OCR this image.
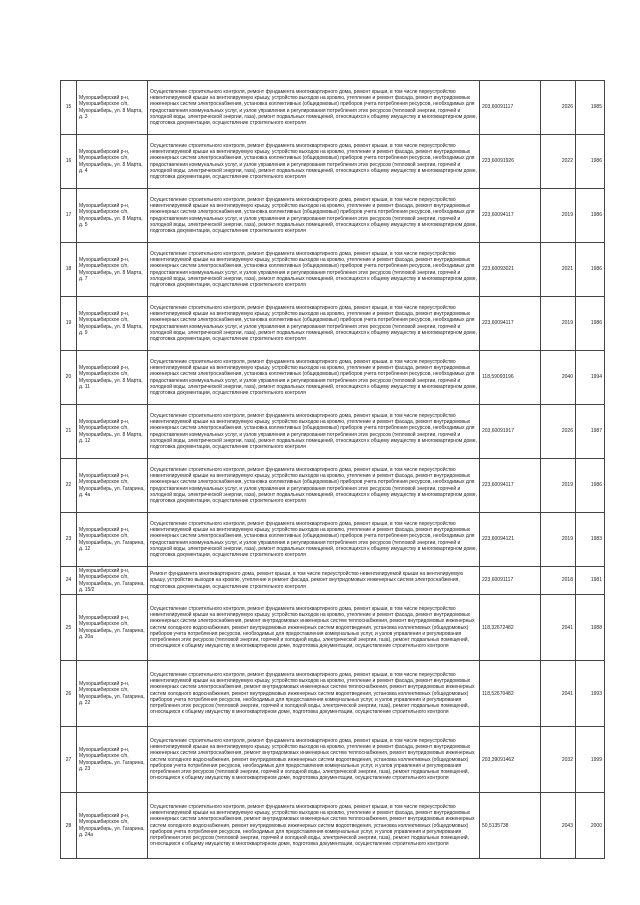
15	Мухоршибирский р-н, Мухоршибирское с/п, Мухоршибирь, ул. 8 Марта, д. 3	Осуществление строительного контроля, ремонт фундамента многоквартирного дома, ремонт крыши, в том числе переустройство невентилируемой крыши на вентилируемую крышу, устройство выходов на кровлю, утепление и ремонт фасада, ремонт внутридомовых инженерных систем электроснабжения, установка коллективных (общедомовых) приборов учета потребления ресурсов, необходимых для предоставления коммунальных услуг, и узлов управления и регулирования потребления этих ресурсов (тепловой энергии, горячей и холодной воды, электрической энергии, газа), ремонт подвальных помещений, относящихся к общему имуществу в многоквартирном доме, подготовка документации, осуществление строительного контроля	203,60091117	2026	1985
16	Мухоршибирский р-н, Мухоршибирское с/п, Мухоршибирь, ул. 8 Марта, д. 4	Осуществление строительного контроля, ремонт фундамента многоквартирного дома, ремонт крыши, в том числе переустройство невентилируемой крыши на вентилируемую крышу, устройство выходов на кровлю, утепление и ремонт фасада, ремонт внутридомовых инженерных систем электроснабжения, установка коллективных (общедомовых) приборов учета потребления ресурсов, необходимых для предоставления коммунальных услуг, и узлов управления и регулирования потребления этих ресурсов (тепловой энергии, горячей и холодной воды, электрической энергии, газа), ремонт подвальных помещений, относящихся к общему имуществу в многоквартирном доме, подготовка документации, осуществление строительного контроля	223,60091926	2022	1986
17	Мухоршибирский р-н, Мухоршибирское с/п, Мухоршибирь, ул. 8 Марта, д. 5	Осуществление строительного контроля, ремонт фундамента многоквартирного дома, ремонт крыши, в том числе переустройство невентилируемой крыши на вентилируемую крышу, устройство выходов на кровлю, утепление и ремонт фасада, ремонт внутридомовых инженерных систем электроснабжения, установка коллективных (общедомовых) приборов учета потребления ресурсов, необходимых для предоставления коммунальных услуг, и узлов управления и регулирования потребления этих ресурсов (тепловой энергии, горячей и холодной воды, электрической энергии, газа), ремонт подвальных помещений, относящихся к общему имуществу в многоквартирном доме, подготовка документации, осуществление строительного контроля	223,60094117	2019	1986
18	Мухоршибирский р-н, Мухоршибирское с/п, Мухоршибирь, ул. 8 Марта, д. 7	Осуществление строительного контроля, ремонт фундамента многоквартирного дома, ремонт крыши, в том числе переустройство невентилируемой крыши на вентилируемую крышу, устройство выходов на кровлю, утепление и ремонт фасада, ремонт внутридомовых инженерных систем электроснабжения, установка коллективных (общедомовых) приборов учета потребления ресурсов, необходимых для предоставления коммунальных услуг, и узлов управления и регулирования потребления этих ресурсов (тепловой энергии, горячей и холодной воды, электрической энергии, газа), ремонт подвальных помещений, относящихся к общему имуществу в многоквартирном доме, подготовка документации, осуществление строительного контроля	223,60093021	2021	1986
19	Мухоршибирский р-н, Мухоршибирское с/п, Мухоршибирь, ул. 8 Марта, д. 9	Осуществление строительного контроля, ремонт фундамента многоквартирного дома, ремонт крыши, в том числе переустройство невентилируемой крыши на вентилируемую крышу, устройство выходов на кровлю, утепление и ремонт фасада, ремонт внутридомовых инженерных систем электроснабжения, установка коллективных (общедомовых) приборов учета потребления ресурсов, необходимых для предоставления коммунальных услуг, и узлов управления и регулирования потребления этих ресурсов (тепловой энергии, горячей и холодной воды, электрической энергии, газа), ремонт подвальных помещений, относящихся к общему имуществу в многоквартирном доме, подготовка документации, осуществление строительного контроля	223,60094117	2019	1986
20	Мухоршибирский р-н, Мухоршибирское с/п, Мухоршибирь, ул. 8 Марта, д. 11	Осуществление строительного контроля, ремонт фундамента многоквартирного дома, ремонт крыши, в том числе переустройство невентилируемой крыши на вентилируемую крышу, устройство выходов на кровлю, утепление и ремонт фасада, ремонт внутридомовых инженерных систем электроснабжения, установка коллективных (общедомовых) приборов учета потребления ресурсов, необходимых для предоставления коммунальных услуг, и узлов управления и регулирования потребления этих ресурсов (тепловой энергии, горячей и холодной воды, электрической энергии, газа), ремонт подвальных помещений, относящихся к общему имуществу в многоквартирном доме, подготовка документации, осуществление строительного контроля	118,59093196	2040	1994
21	Мухоршибирский р-н, Мухоршибирское с/п, Мухоршибирь, ул. 8 Марта, д. 12	Осуществление строительного контроля, ремонт фундамента многоквартирного дома, ремонт крыши, в том числе переустройство невентилируемой крыши на вентилируемую крышу, устройство выходов на кровлю, утепление и ремонт фасада, ремонт внутридомовых инженерных систем электроснабжения, установка коллективных (общедомовых) приборов учета потребления ресурсов, необходимых для предоставления коммунальных услуг, и узлов управления и регулирования потребления этих ресурсов (тепловой энергии, горячей и холодной воды, электрической энергии, газа), ремонт подвальных помещений, относящихся к общему имуществу в многоквартирном доме, подготовка документации, осуществление строительного контроля	203,60091917	2026	1987
22	Мухоршибирский р-н, Мухоршибирское с/п, Мухоршибирь, ул. Гагарина, д. 4а	Осуществление строительного контроля, ремонт фундамента многоквартирного дома, ремонт крыши, в том числе переустройство невентилируемой крыши на вентилируемую крышу, устройство выходов на кровлю, утепление и ремонт фасада, ремонт внутридомовых инженерных систем электроснабжения, установка коллективных (общедомовых) приборов учета потребления ресурсов, необходимых для предоставления коммунальных услуг, и узлов управления и регулирования потребления этих ресурсов (тепловой энергии, горячей и холодной воды, электрической энергии, газа), ремонт подвальных помещений, относящихся к общему имуществу в многоквартирном доме, подготовка документации, осуществление строительного контроля	223,60094117	2019	1986
23	Мухоршибирский р-н, Мухоршибирское с/п, Мухоршибирь, ул. Гагарина, д. 12	Осуществление строительного контроля, ремонт фундамента многоквартирного дома, ремонт крыши, в том числе переустройство невентилируемой крыши на вентилируемую крышу, устройство выходов на кровлю, утепление и ремонт фасада, ремонт внутридомовых инженерных систем электроснабжения, установка коллективных (общедомовых) приборов учета потребления ресурсов, необходимых для предоставления коммунальных услуг, и узлов управления и регулирования потребления этих ресурсов (тепловой энергии, горячей и холодной воды, электрической энергии, газа), ремонт подвальных помещений, относящихся к общему имуществу в многоквартирном доме, подготовка документации, осуществление строительного контроля	223,60094121	2019	1983
24	Мухоршибирский р-н, Мухоршибирское с/п, Мухоршибирь, ул. Гагарина, д. 15/2	Ремонт фундамента многоквартирного дома, ремонт крыши, в том числе переустройство невентилируемой крыши на вентилируемую крышу, устройство выходов на кровлю, утепление и ремонт фасада, ремонт внутридомовых инженерных систем электроснабжения, подготовка документации, осуществление строительного контроля	223,60091117	2018	1981
25	Мухоршибирский р-н, Мухоршибирское с/п, Мухоршибирь, ул. Гагарина, д. 20а	Осуществление строительного контроля, ремонт фундамента многоквартирного дома, ремонт крыши, в том числе переустройство невентилируемой крыши на вентилируемую крышу, устройство выходов на кровлю, утепление и ремонт фасада, ремонт внутридомовых инженерных систем электроснабжения, ремонт внутридомовых инженерных систем теплоснабжения, ремонт внутридомовых инженерных систем холодного водоснабжения, ремонт внутридомовых инженерных систем водоотведения, установка коллективных (общедомовых) приборов учета потребления ресурсов, необходимых для предоставления коммунальных услуг, и узлов управления и регулирования потребления этих ресурсов (тепловой энергии, горячей и холодной воды, электрической энергии, газа), ремонт подвальных помещений, относящихся к общему имуществу в многоквартирном доме, подготовка документации, осуществление строительного контроля	118,32672482	2041	1988
26	Мухоршибирский р-н, Мухоршибирское с/п, Мухоршибирь, ул. Гагарина, д. 22	Осуществление строительного контроля, ремонт фундамента многоквартирного дома, ремонт крыши, в том числе переустройство невентилируемой крыши на вентилируемую крышу, устройство выходов на кровлю, утепление и ремонт фасада, ремонт внутридомовых инженерных систем электроснабжения, ремонт внутридомовых инженерных систем теплоснабжения, ремонт внутридомовых инженерных систем холодного водоснабжения, ремонт внутридомовых инженерных систем водоотведения, установка коллективных (общедомовых) приборов учета потребления ресурсов, необходимых для предоставления коммунальных услуг, и узлов управления и регулирования потребления этих ресурсов (тепловой энергии, горячей и холодной воды, электрической энергии, газа), ремонт подвальных помещений, относящихся к общему имуществу в многоквартирном доме, подготовка документации, осуществление строительного контроля	118,52670482	2041	1993
27	Мухоршибирский р-н, Мухоршибирское с/п, Мухоршибирь, ул. Гагарина, д. 23	Осуществление строительного контроля, ремонт фундамента многоквартирного дома, ремонт крыши, в том числе переустройство невентилируемой крыши на вентилируемую крышу, устройство выходов на кровлю, утепление и ремонт фасада, ремонт внутридомовых инженерных систем электроснабжения, ремонт внутридомовых инженерных систем теплоснабжения, ремонт внутридомовых инженерных систем холодного водоснабжения, ремонт внутридомовых инженерных систем водоотведения, установка коллективных (общедомовых) приборов учета потребления ресурсов, необходимых для предоставления коммунальных услуг, и узлов управления и регулирования потребления этих ресурсов (тепловой энергии, горячей и холодной воды, электрической энергии, газа), ремонт подвальных помещений, относящихся к общему имуществу в многоквартирном доме, подготовка документации, осуществление строительного контроля	203,39091462	2032	1999
28	Мухоршибирский р-н, Мухоршибирское с/п, Мухоршибирь, ул. Гагарина, д. 24а	Осуществление строительного контроля, ремонт фундамента многоквартирного дома, ремонт крыши, в том числе переустройство невентилируемой крыши на вентилируемую крышу, устройство выходов на кровлю, утепление и ремонт фасада, ремонт внутридомовых инженерных систем электроснабжения, ремонт внутридомовых инженерных систем теплоснабжения, ремонт внутридомовых инженерных систем холодного водоснабжения, ремонт внутридомовых инженерных систем водоотведения, установка коллективных (общедомовых) приборов учета потребления ресурсов, необходимых для предоставления коммунальных услуг, и узлов управления и регулирования потребления этих ресурсов (тепловой энергии, горячей и холодной воды, электрической энергии, газа), ремонт подвальных помещений, относящихся к общему имуществу в многоквартирном доме, подготовка документации, осуществление строительного контроля	50,5135738	2043	2000
